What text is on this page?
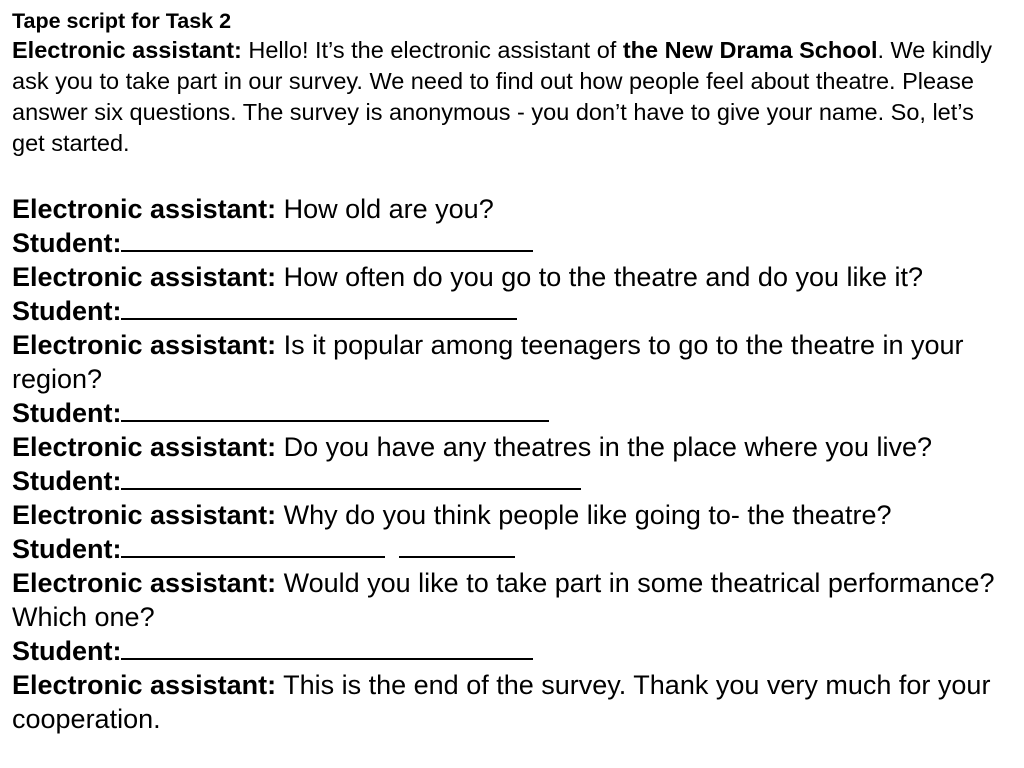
Tape script for Task 2

Electronic assistant: Hello! It’s the electronic assistant of the New Drama School. We kindly ask you to take part in our survey. We need to find out how people feel about theatre. Please answer six questions. The survey is anonymous - you don’t have to give your name. So, let’s get started.

Electronic assistant: How old are you?

Student:

Electronic assistant: How often do you go to the theatre and do you like it?

Student:

Electronic assistant: Is it popular among teenagers to go to the theatre in your region?

Student:

Electronic assistant: Do you have any theatres in the place where you live?

Student:

Electronic assistant: Why do you think people like going to- the theatre?

Student:

Electronic assistant: Would you like to take part in some theatrical performance? Which one?

Student:

Electronic assistant: This is the end of the survey. Thank you very much for your cooperation.
